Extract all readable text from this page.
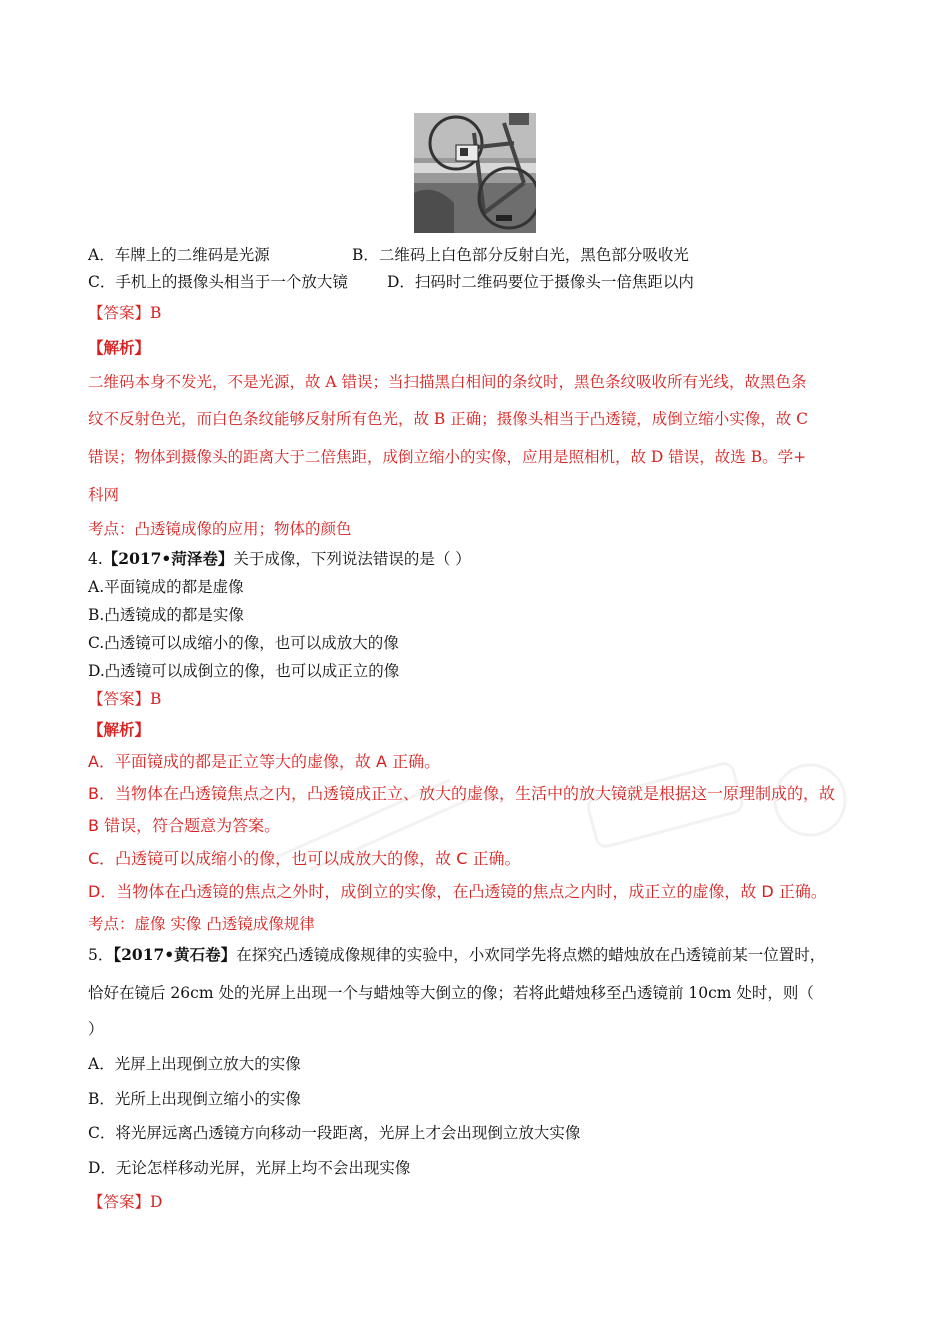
A．车牌上的二维码是光源	B．二维码上白色部分反射白光，黑色部分吸收光
C．手机上的摄像头相当于一个放大镜	D．扫码时二维码要位于摄像头一倍焦距以内
【答案】B
【解析】
二维码本身不发光，不是光源，故 A 错误；当扫描黑白相间的条纹时，黑色条纹吸收所有光线，故黑色条
纹不反射色光，而白色条纹能够反射所有色光，故 B 正确；摄像头相当于凸透镜，成倒立缩小实像，故 C
错误；物体到摄像头的距离大于二倍焦距，成倒立缩小的实像，应用是照相机，故 D 错误，故选 B。学+
科网
考点：凸透镜成像的应用；物体的颜色
4.【2017•菏泽卷】关于成像，下列说法错误的是（ ）
A.平面镜成的都是虚像
B.凸透镜成的都是实像
C.凸透镜可以成缩小的像，也可以成放大的像
D.凸透镜可以成倒立的像，也可以成正立的像
【答案】B
【解析】
A．平面镜成的都是正立等大的虚像，故 A 正确。
B．当物体在凸透镜焦点之内，凸透镜成正立、放大的虚像，生活中的放大镜就是根据这一原理制成的，故
B 错误，符合题意为答案。
C．凸透镜可以成缩小的像，也可以成放大的像，故 C 正确。
D．当物体在凸透镜的焦点之外时，成倒立的实像，在凸透镜的焦点之内时，成正立的虚像，故 D 正确。
考点：虚像 实像 凸透镜成像规律
5．【2017•黄石卷】在探究凸透镜成像规律的实验中，小欢同学先将点燃的蜡烛放在凸透镜前某一位置时，
恰好在镜后 26cm 处的光屏上出现一个与蜡烛等大倒立的像；若将此蜡烛移至凸透镜前 10cm 处时，则（
）
A．光屏上出现倒立放大的实像
B．光所上出现倒立缩小的实像
C．将光屏远离凸透镜方向移动一段距离，光屏上才会出现倒立放大实像
D．无论怎样移动光屏，光屏上均不会出现实像
【答案】D
